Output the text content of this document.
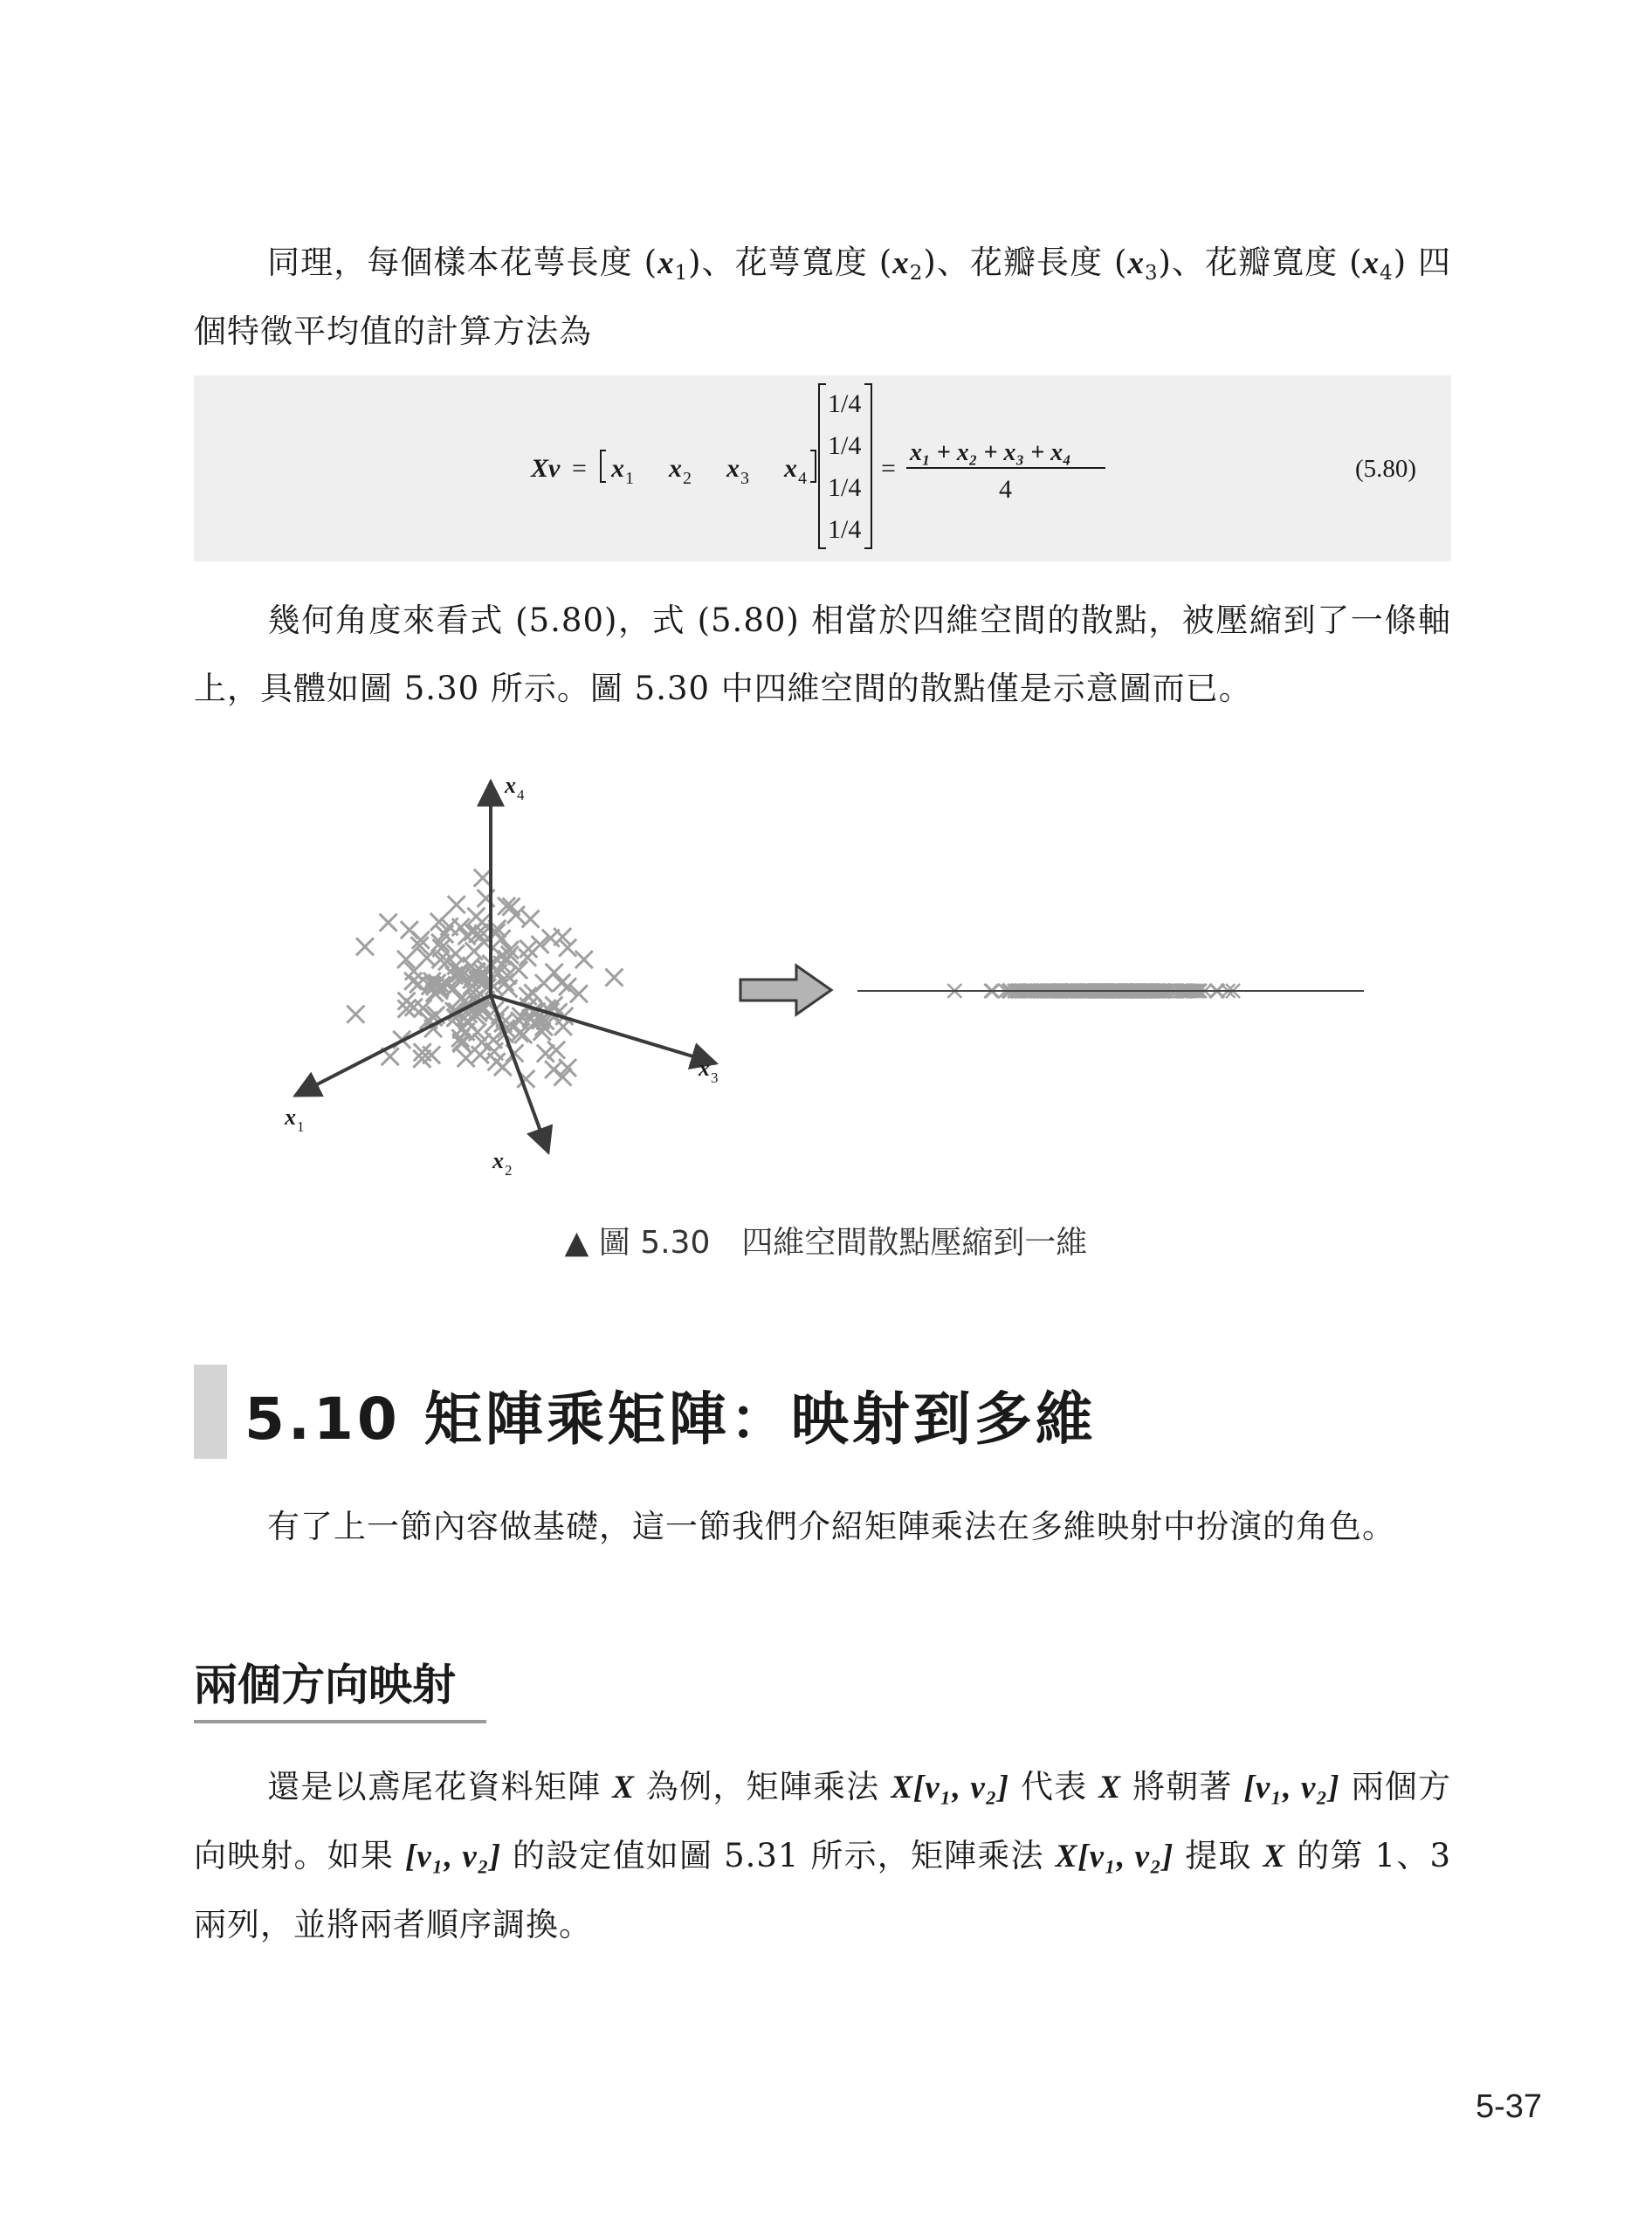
同理，每個樣本花萼長度 $(x_1)$、花萼寬度 $(x_2)$、花瓣長度 $(x_3)$、花瓣寬度 $(x_4)$ 四個特徵平均值的計算方法為
Xv = x 1 x 2 x 3 x 4
1/4
1/4
1/4
1/4
=
x₁ + x₂ + x₃ + x₄
4
(5.80)
幾何角度來看式 (5.80)，式 (5.80) 相當於四維空間的散點，被壓縮到了一條軸上，具體如圖 5.30 所示。圖 5.30 中四維空間的散點僅是示意圖而已。
x 4
x 3
x 1
x 2
▲ 圖 5.30　四維空間散點壓縮到一維
5.10 矩陣乘矩陣：映射到多維
有了上一節內容做基礎，這一節我們介紹矩陣乘法在多維映射中扮演的角色。
兩個方向映射
還是以鳶尾花資料矩陣 X 為例，矩陣乘法 X[v₁, v₂] 代表 X 將朝著 [v₁, v₂] 兩個方向映射。如果 [v₁, v₂] 的設定值如圖 5.31 所示，矩陣乘法 X[v₁, v₂] 提取 X 的第 1、3 兩列，並將兩者順序調換。
5-37
